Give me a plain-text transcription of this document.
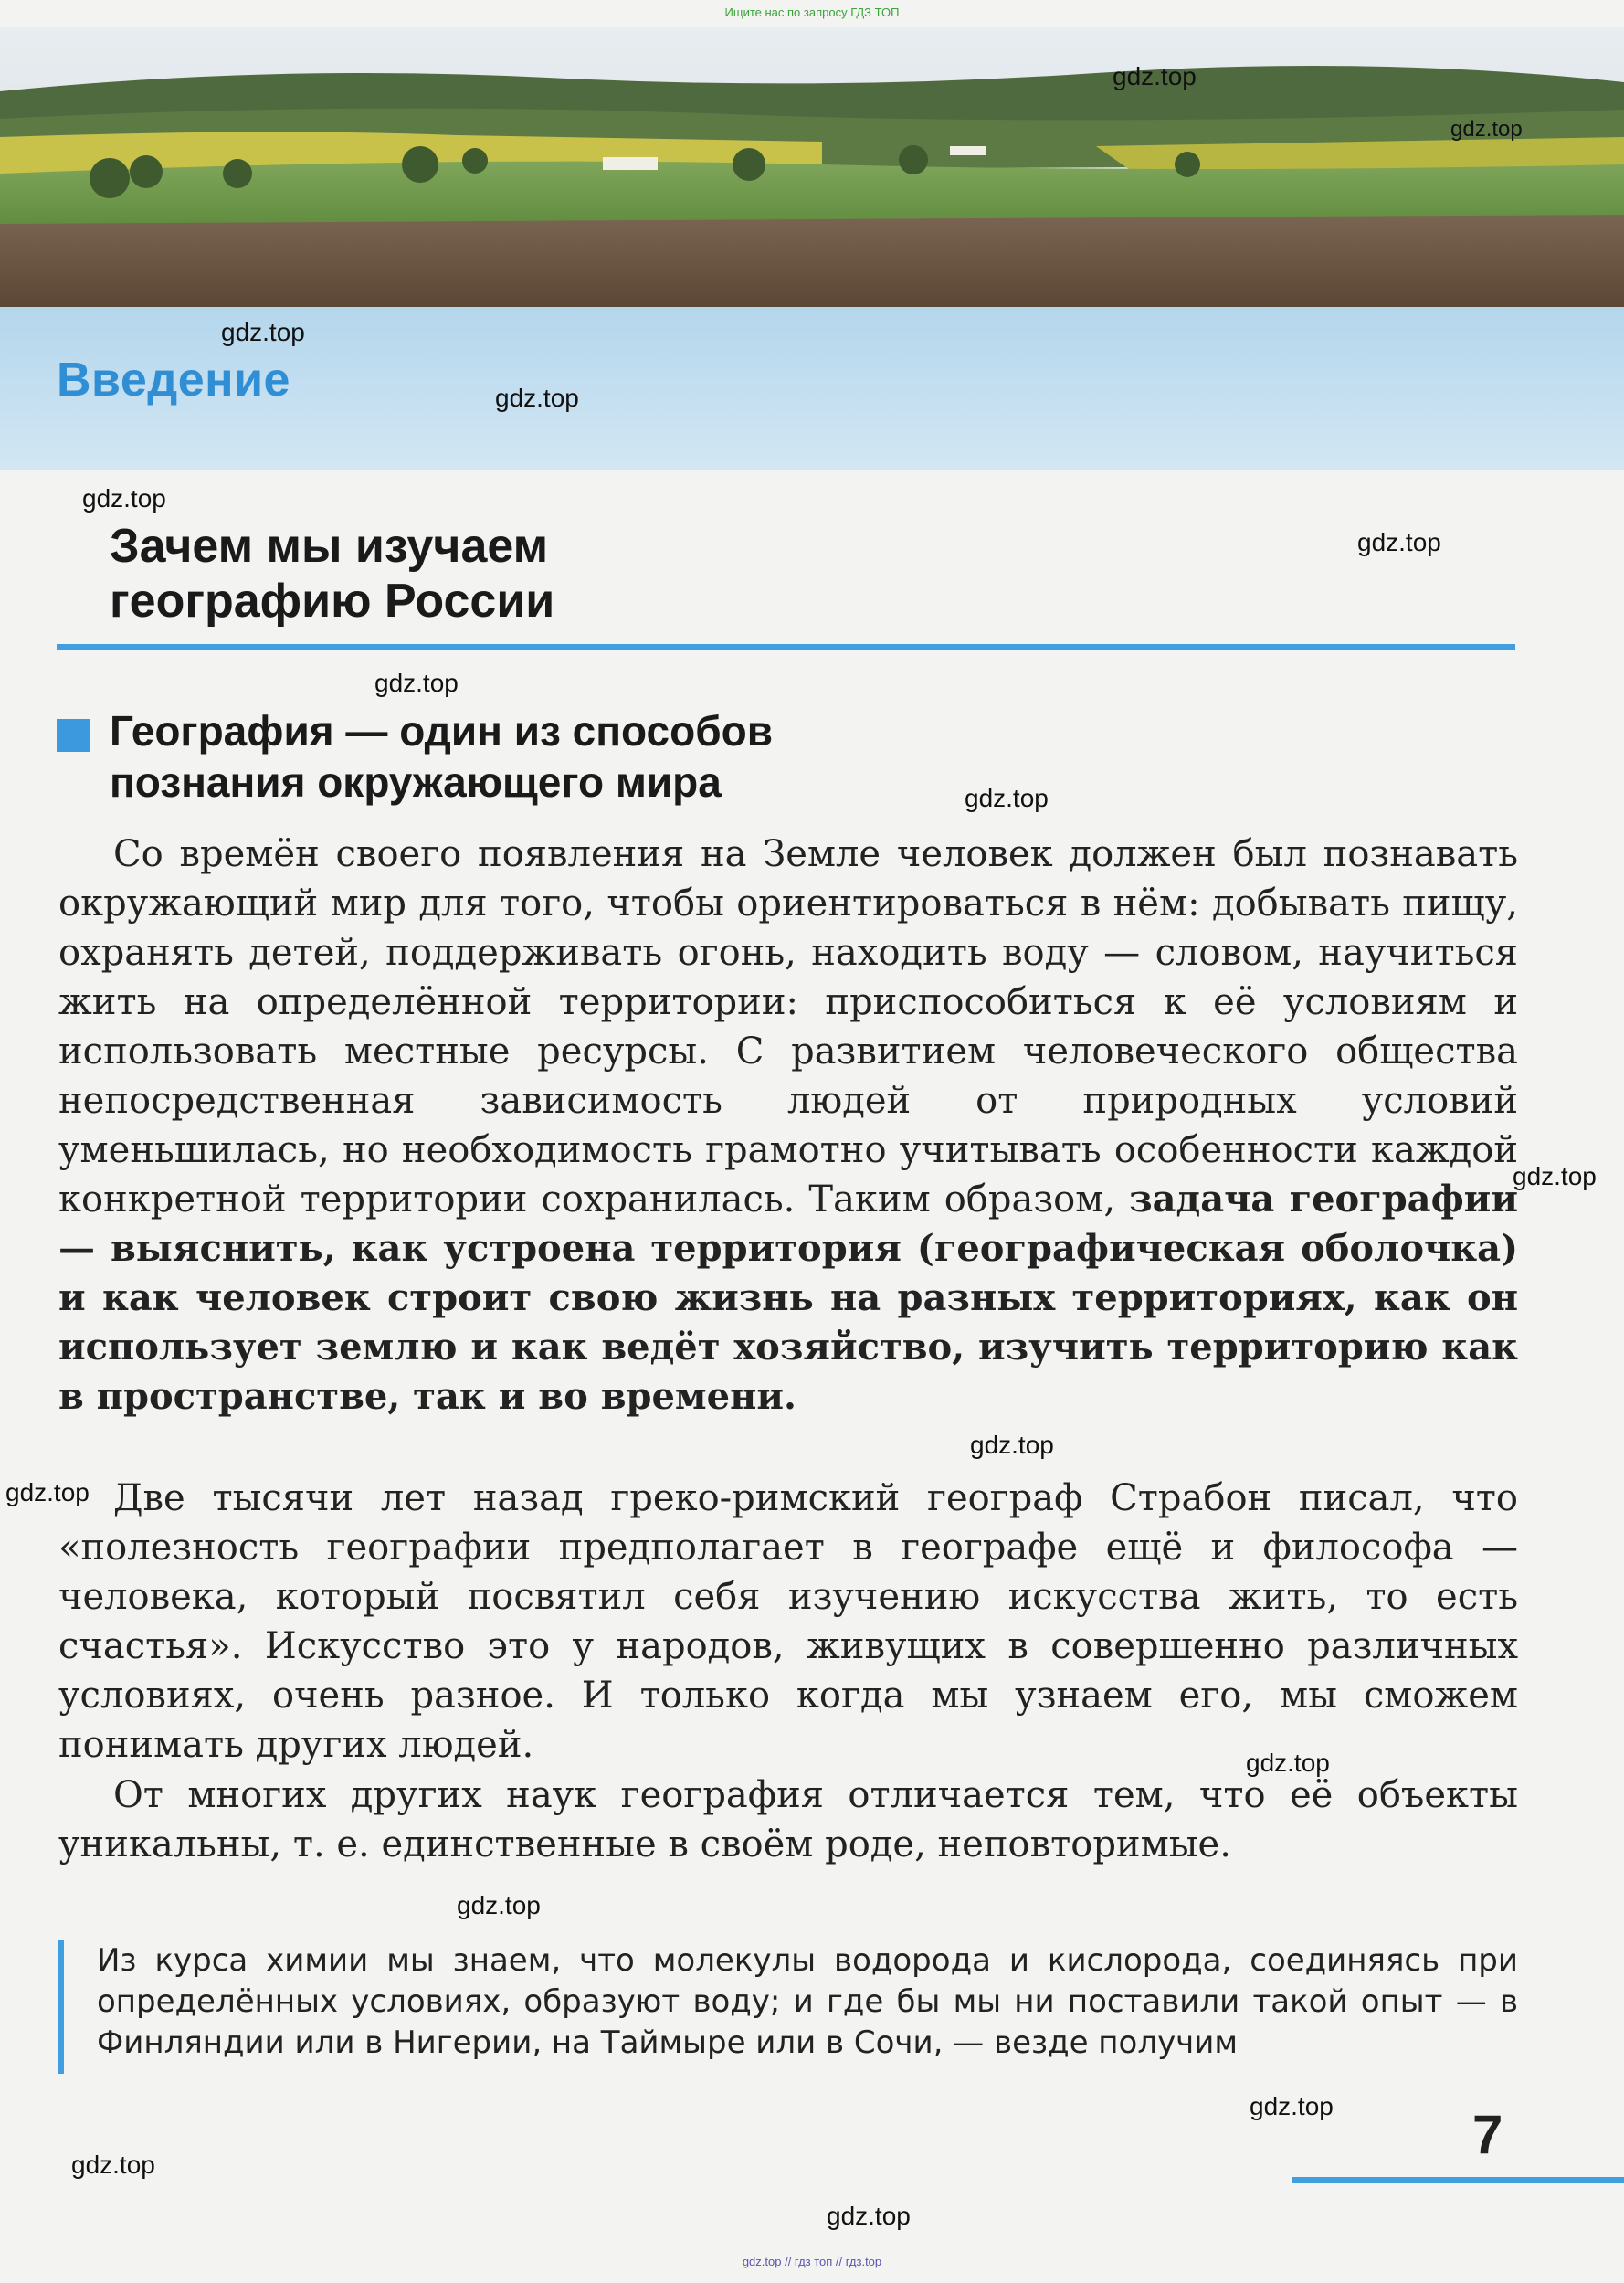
Ищите нас по запросу ГДЗ ТОП
Введение
Зачем мы изучаем
географию России
География — один из способов
познания окружающего мира

Со времён своего появления на Земле человек должен был познавать окружающий мир для того, чтобы ориентироваться в нём: добывать пищу, охранять детей, поддерживать огонь, находить воду — словом, научиться жить на определённой территории: приспособиться к её условиям и использовать местные ресурсы. С развитием человеческого общества непосредственная зависимость людей от природных условий уменьшилась, но необходимость грамотно учитывать особенности каждой конкретной территории сохранилась. Таким образом, задача географии — выяснить, как устроена территория (географическая оболочка) и как человек строит свою жизнь на разных территориях, как он использует землю и как ведёт хозяйство, изучить территорию как в пространстве, так и во времени.

Две тысячи лет назад греко-римский географ Страбон писал, что «полезность географии предполагает в географе ещё и философа — человека, который посвятил себя изучению искусства жить, то есть счастья». Искусство это у народов, живущих в совершенно различных условиях, очень разное. И только когда мы узнаем его, мы сможем понимать других людей.

От многих других наук география отличается тем, что её объекты уникальны, т. е. единственные в своём роде, неповторимые.

Из курса химии мы знаем, что молекулы водорода и кислорода, соединяясь при определённых условиях, образуют воду; и где бы мы ни поставили такой опыт — в Финляндии или в Нигерии, на Таймыре или в Сочи, — везде получим
7
gdz.top
gdz.top
gdz.top
gdz.top
gdz.top
gdz.top
gdz.top
gdz.top
gdz.top
gdz.top
gdz.top
gdz.top
gdz.top
gdz.top
gdz.top
gdz.top
gdz.top // гдз топ // гдз.top
